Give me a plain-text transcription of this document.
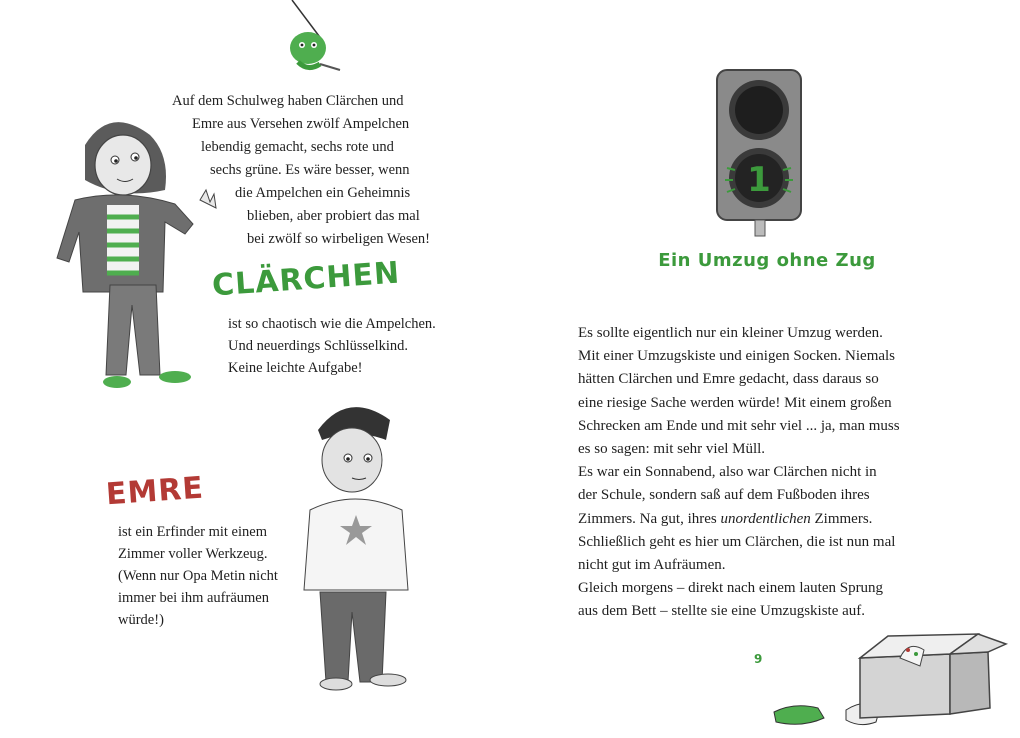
Auf dem Schulweg haben Clärchen und
Emre aus Versehen zwölf Ampelchen
lebendig gemacht, sechs rote und
sechs grüne. Es wäre besser, wenn
die Ampelchen ein Geheimnis
blieben, aber probiert das mal
bei zwölf so wirbeligen Wesen!
CLÄRCHEN
ist so chaotisch wie die Ampelchen.
Und neuerdings Schlüsselkind.
Keine leichte Aufgabe!
EMRE
ist ein Erfinder mit einem
Zimmer voller Werkzeug.
(Wenn nur Opa Metin nicht
immer bei ihm aufräumen
würde!)
1
Ein Umzug ohne Zug
Es sollte eigentlich nur ein kleiner Umzug werden.
Mit einer Umzugskiste und einigen Socken. Niemals
hätten Clärchen und Emre gedacht, dass daraus so
eine riesige Sache werden würde! Mit einem großen
Schrecken am Ende und mit sehr viel ... ja, man muss
es so sagen: mit sehr viel Müll.
Es war ein Sonnabend, also war Clärchen nicht in
der Schule, sondern saß auf dem Fußboden ihres
Zimmers. Na gut, ihres unordentlichen Zimmers.
Schließlich geht es hier um Clärchen, die ist nun mal
nicht gut im Aufräumen.
Gleich morgens – direkt nach einem lauten Sprung
aus dem Bett – stellte sie eine Umzugskiste auf.
9
